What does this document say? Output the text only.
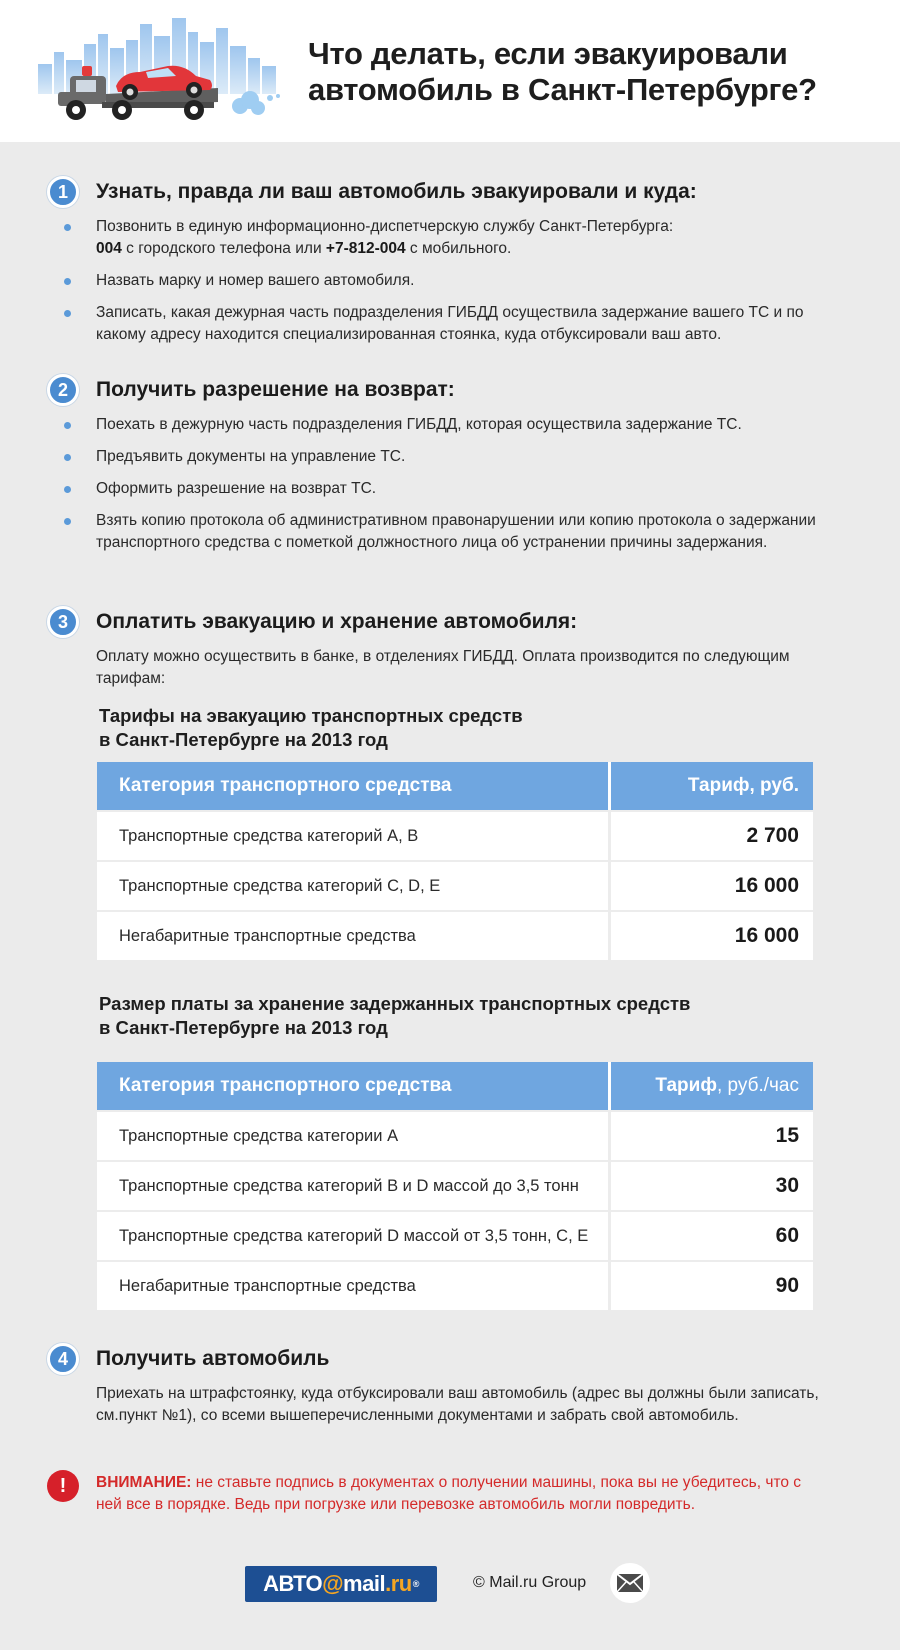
Что делать, если эвакуировали
автомобиль в Санкт-Петербурге?
1	Узнать, правда ли ваш автомобиль эвакуировали и куда:
Позвонить в единую информационно-диспетчерскую службу Санкт-Петербурга:
004 с городского телефона или +7-812-004 с мобильного.
Назвать марку и номер вашего автомобиля.
Записать, какая дежурная часть подразделения ГИБДД осуществила задержание вашего ТС и по какому адресу находится специализированная стоянка, куда отбуксировали ваш авто.
2	Получить разрешение на возврат:
Поехать в дежурную часть подразделения ГИБДД, которая осуществила задержание ТС.
Предъявить документы на управление ТС.
Оформить разрешение на возврат ТС.
Взять копию протокола об административном правонарушении или копию протокола о задержании транспортного средства с пометкой должностного лица об устранении причины задержания.
3	Оплатить эвакуацию и хранение автомобиля:
Оплату можно осуществить в банке, в отделениях ГИБДД. Оплата производится по следующим тарифам:
Тарифы на эвакуацию транспортных средств
в Санкт-Петербурге на 2013 год
Категория транспортного средства	Тариф, руб.
Транспортные средства категорий А, В	2 700
Транспортные средства категорий C, D, E	16 000
Негабаритные транспортные средства	16 000
Размер платы за хранение задержанных транспортных средств
в Санкт-Петербурге на 2013 год
Категория транспортного средства	Тариф , руб./час
Транспортные средства категории А	15
Транспортные средства категорий В и D массой до 3,5 тонн	30
Транспортные средства категорий D массой от 3,5 тонн, C, E	60
Негабаритные транспортные средства	90
4	Получить автомобиль
Приехать на штрафстоянку, куда отбуксировали ваш автомобиль (адрес вы должны были записать, см.пункт №1), со всеми вышеперечисленными документами и забрать свой автомобиль.
!	ВНИМАНИЕ: не ставьте подпись в документах о получении машины, пока вы не убедитесь, что с ней все в порядке. Ведь при погрузке или перевозке автомобиль могли повредить.
АВТО @ mail .ru ®	© Mail.ru Group
